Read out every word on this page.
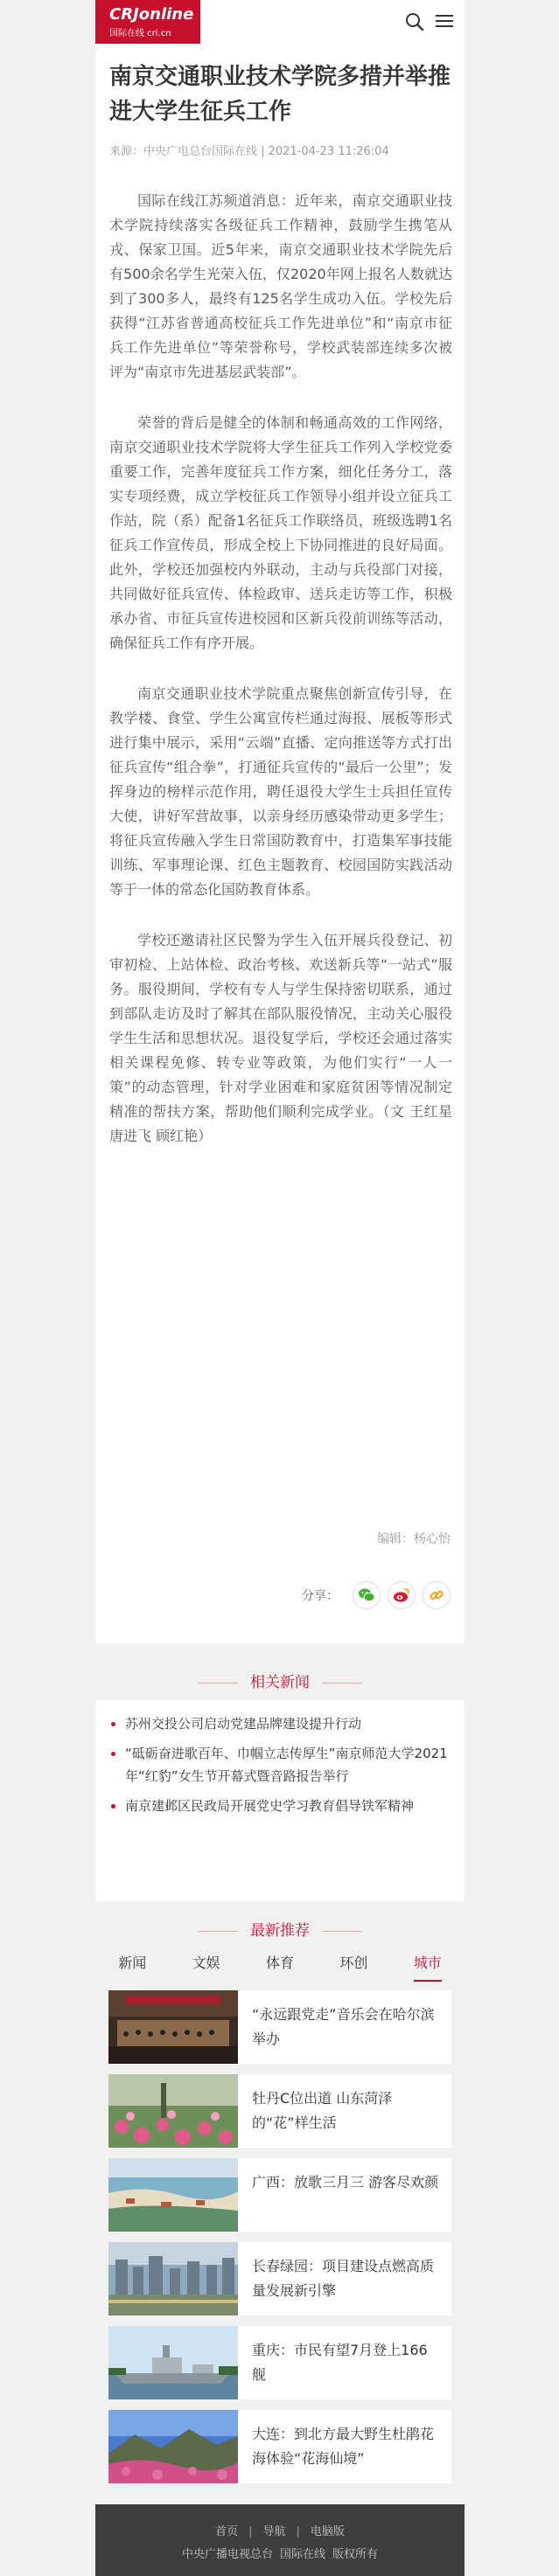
CRJonline
国际在线 cri.cn
南京交通职业技术学院多措并举推进大学生征兵工作
来源：中央广电总台国际在线 | 2021-04-23 11:26:04

国际在线江苏频道消息：近年来，南京交通职业技术学院持续落实各级征兵工作精神，鼓励学生携笔从戎、保家卫国。近5年来，南京交通职业技术学院先后有500余名学生光荣入伍，仅2020年网上报名人数就达到了300多人，最终有125名学生成功入伍。学校先后获得“江苏省普通高校征兵工作先进单位”和“南京市征兵工作先进单位”等荣誉称号，学校武装部连续多次被评为“南京市先进基层武装部”。

荣誉的背后是健全的体制和畅通高效的工作网络，南京交通职业技术学院将大学生征兵工作列入学校党委重要工作，完善年度征兵工作方案，细化任务分工，落实专项经费，成立学校征兵工作领导小组并设立征兵工作站，院（系）配备1名征兵工作联络员，班级选聘1名征兵工作宣传员，形成全校上下协同推进的良好局面。此外，学校还加强校内外联动，主动与兵役部门对接，共同做好征兵宣传、体检政审、送兵走访等工作，积极承办省、市征兵宣传进校园和区新兵役前训练等活动，确保征兵工作有序开展。

南京交通职业技术学院重点聚焦创新宣传引导，在教学楼、食堂、学生公寓宣传栏通过海报、展板等形式进行集中展示，采用“云端”直播、定向推送等方式打出征兵宣传“组合拳”，打通征兵宣传的“最后一公里”；发挥身边的榜样示范作用，聘任退役大学生士兵担任宣传大使，讲好军营故事，以亲身经历感染带动更多学生；将征兵宣传融入学生日常国防教育中，打造集军事技能训练、军事理论课、红色主题教育、校园国防实践活动等于一体的常态化国防教育体系。

学校还邀请社区民警为学生入伍开展兵役登记、初审初检、上站体检、政治考核、欢送新兵等“一站式”服务。服役期间，学校有专人与学生保持密切联系，通过到部队走访及时了解其在部队服役情况，主动关心服役学生生活和思想状况。退役复学后，学校还会通过落实相关课程免修、转专业等政策，为他们实行“一人一策”的动态管理，针对学业困难和家庭贫困等情况制定精准的帮扶方案，帮助他们顺利完成学业。（文 王红星 唐进飞 顾红艳）

编辑：杨心怡
分享：
相关新闻
苏州交投公司启动党建品牌建设提升行动
“砥砺奋进歌百年、巾帼立志传厚生”南京师范大学2021年“红豹”女生节开幕式暨音路报告举行
南京建邺区民政局开展党史学习教育倡导铁军精神
最新推荐
新闻	文娱	体育	环创	城市
“永远跟党走”音乐会在哈尔滨举办
牡丹C位出道 山东菏泽的“花”样生活
广西：放歌三月三 游客尽欢颜
长春绿园：项目建设点燃高质量发展新引擎
重庆：市民有望7月登上166舰
大连：到北方最大野生杜鹃花海体验“花海仙境”
首页 | 导航 | 电脑版
中央广播电视总台 国际在线 版权所有
